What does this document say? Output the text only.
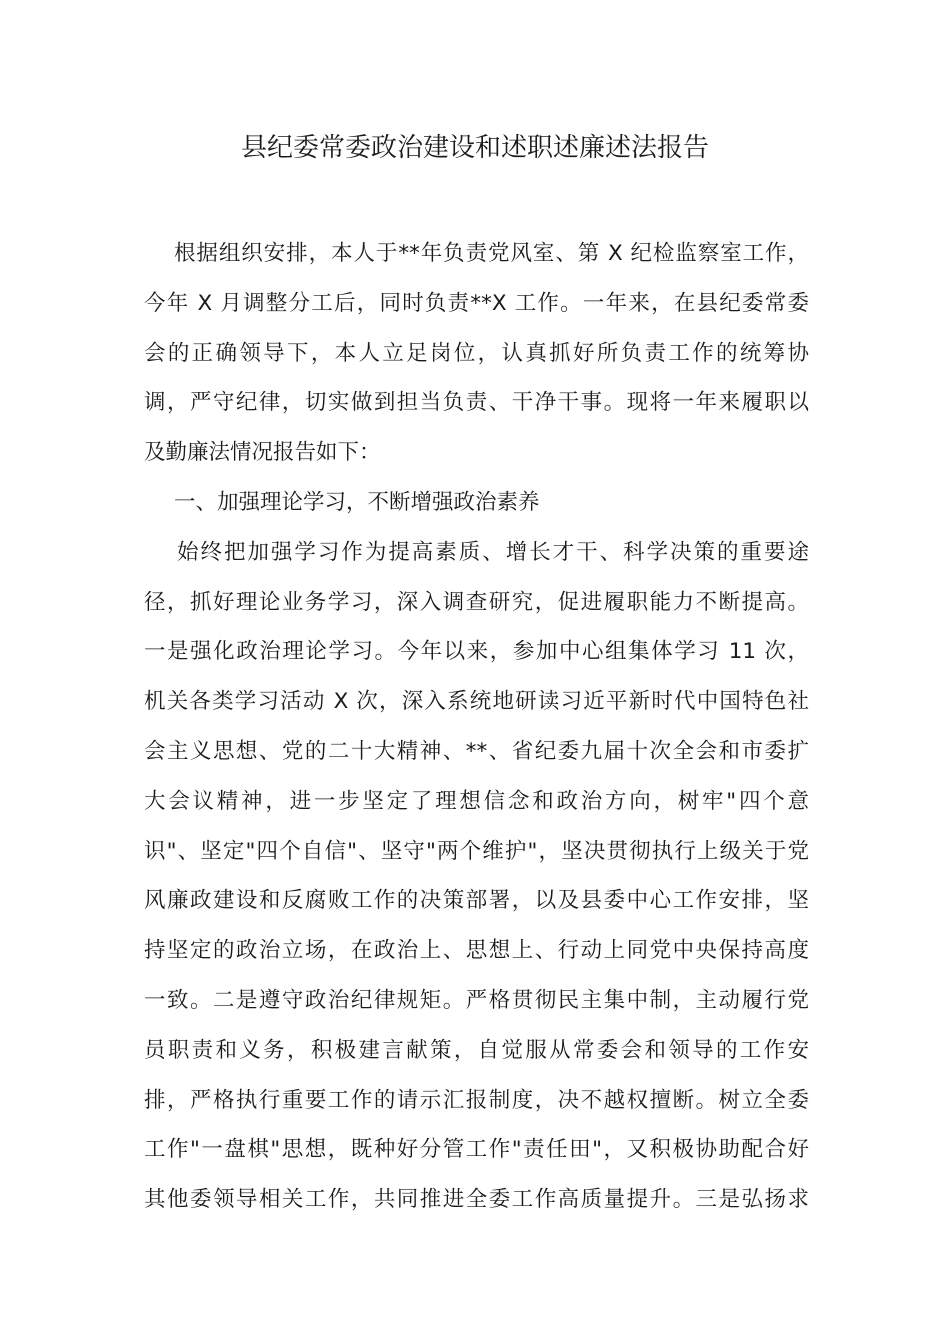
县纪委常委政治建设和述职述廉述法报告
根据组织安排，本人于**年负责党风室、第 X 纪检监察室工作，
今年 X 月调整分工后，同时负责**X 工作。一年来，在县纪委常委
会的正确领导下，本人立足岗位，认真抓好所负责工作的统筹协
调，严守纪律，切实做到担当负责、干净干事。现将一年来履职以
及勤廉法情况报告如下：
一、加强理论学习，不断增强政治素养
始终把加强学习作为提高素质、增长才干、科学决策的重要途
径，抓好理论业务学习，深入调查研究，促进履职能力不断提高。
一是强化政治理论学习。今年以来，参加中心组集体学习 11 次，
机关各类学习活动 X 次，深入系统地研读习近平新时代中国特色社
会主义思想、党的二十大精神、**、省纪委九届十次全会和市委扩
大会议精神，进一步坚定了理想信念和政治方向，树牢"四个意
识"、坚定"四个自信"、坚守"两个维护"，坚决贯彻执行上级关于党
风廉政建设和反腐败工作的决策部署，以及县委中心工作安排，坚
持坚定的政治立场，在政治上、思想上、行动上同党中央保持高度
一致。二是遵守政治纪律规矩。严格贯彻民主集中制，主动履行党
员职责和义务，积极建言献策，自觉服从常委会和领导的工作安
排，严格执行重要工作的请示汇报制度，决不越权擅断。树立全委
工作"一盘棋"思想，既种好分管工作"责任田"，又积极协助配合好
其他委领导相关工作，共同推进全委工作高质量提升。三是弘扬求
